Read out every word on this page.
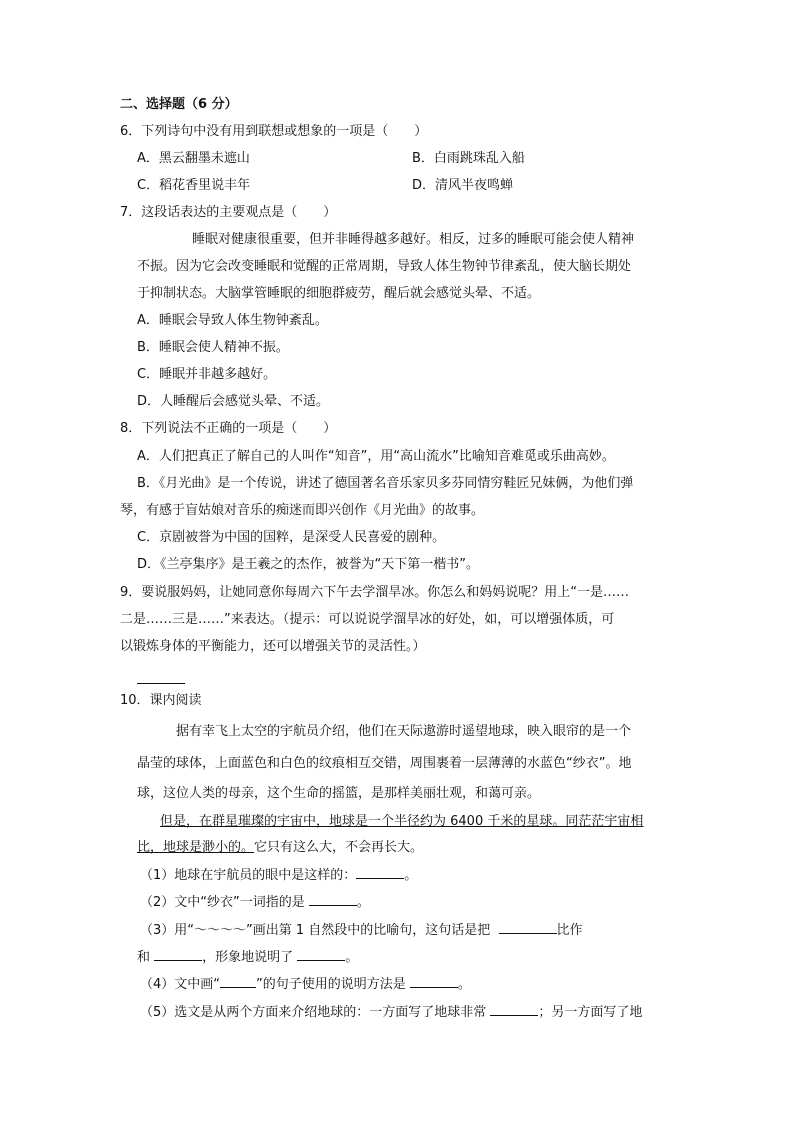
二、选择题（6 分）
6．下列诗句中没有用到联想或想象的一项是（　　）
A．黑云翻墨未遮山	B．白雨跳珠乱入船
C．稻花香里说丰年	D．清风半夜鸣蝉
7．这段话表达的主要观点是（　　）
睡眠对健康很重要，但并非睡得越多越好。相反，过多的睡眠可能会使人精神
不振。因为它会改变睡眠和觉醒的正常周期，导致人体生物钟节律紊乱，使大脑长期处
于抑制状态。大脑掌管睡眠的细胞群疲劳，醒后就会感觉头晕、不适。
A．睡眠会导致人体生物钟紊乱。
B．睡眠会使人精神不振。
C．睡眠并非越多越好。
D．人睡醒后会感觉头晕、不适。
8．下列说法不正确的一项是（　　）
A．人们把真正了解自己的人叫作“知音”，用“高山流水”比喻知音难觅或乐曲高妙。
B．《月光曲》是一个传说，讲述了德国著名音乐家贝多芬同情穷鞋匠兄妹俩，为他们弹
琴，有感于盲姑娘对音乐的痴迷而即兴创作《月光曲》的故事。
C．京剧被誉为中国的国粹，是深受人民喜爱的剧种。
D．《兰亭集序》是王羲之的杰作，被誉为“天下第一楷书”。
9．要说服妈妈，让她同意你每周六下午去学溜旱冰。你怎么和妈妈说呢？用上“一是……
二是……三是……”来表达。（提示：可以说说学溜旱冰的好处，如，可以增强体质，可
以锻炼身体的平衡能力，还可以增强关节的灵活性。）
10．课内阅读
据有幸飞上太空的宇航员介绍，他们在天际遨游时遥望地球，映入眼帘的是一个
晶莹的球体，上面蓝色和白色的纹痕相互交错，周围裹着一层薄薄的水蓝色“纱衣”。地
球，这位人类的母亲，这个生命的摇篮，是那样美丽壮观，和蔼可亲。
但是，在群星璀璨的宇宙中，地球是一个半径约为 6400 千米的星球。同茫茫宇宙相
比，地球是渺小的。它只有这么大，不会再长大。
（1）地球在宇航员的眼中是这样的：	。
（2）文中“纱衣”一词指的是	。
（3）用“～～～～”画出第 1 自然段中的比喻句，这句话是把	比作
和	，形象地说明了	。
（4）文中画“	”的句子使用的说明方法是	。
（5）选文是从两个方面来介绍地球的：一方面写了地球非常	；另一方面写了地
